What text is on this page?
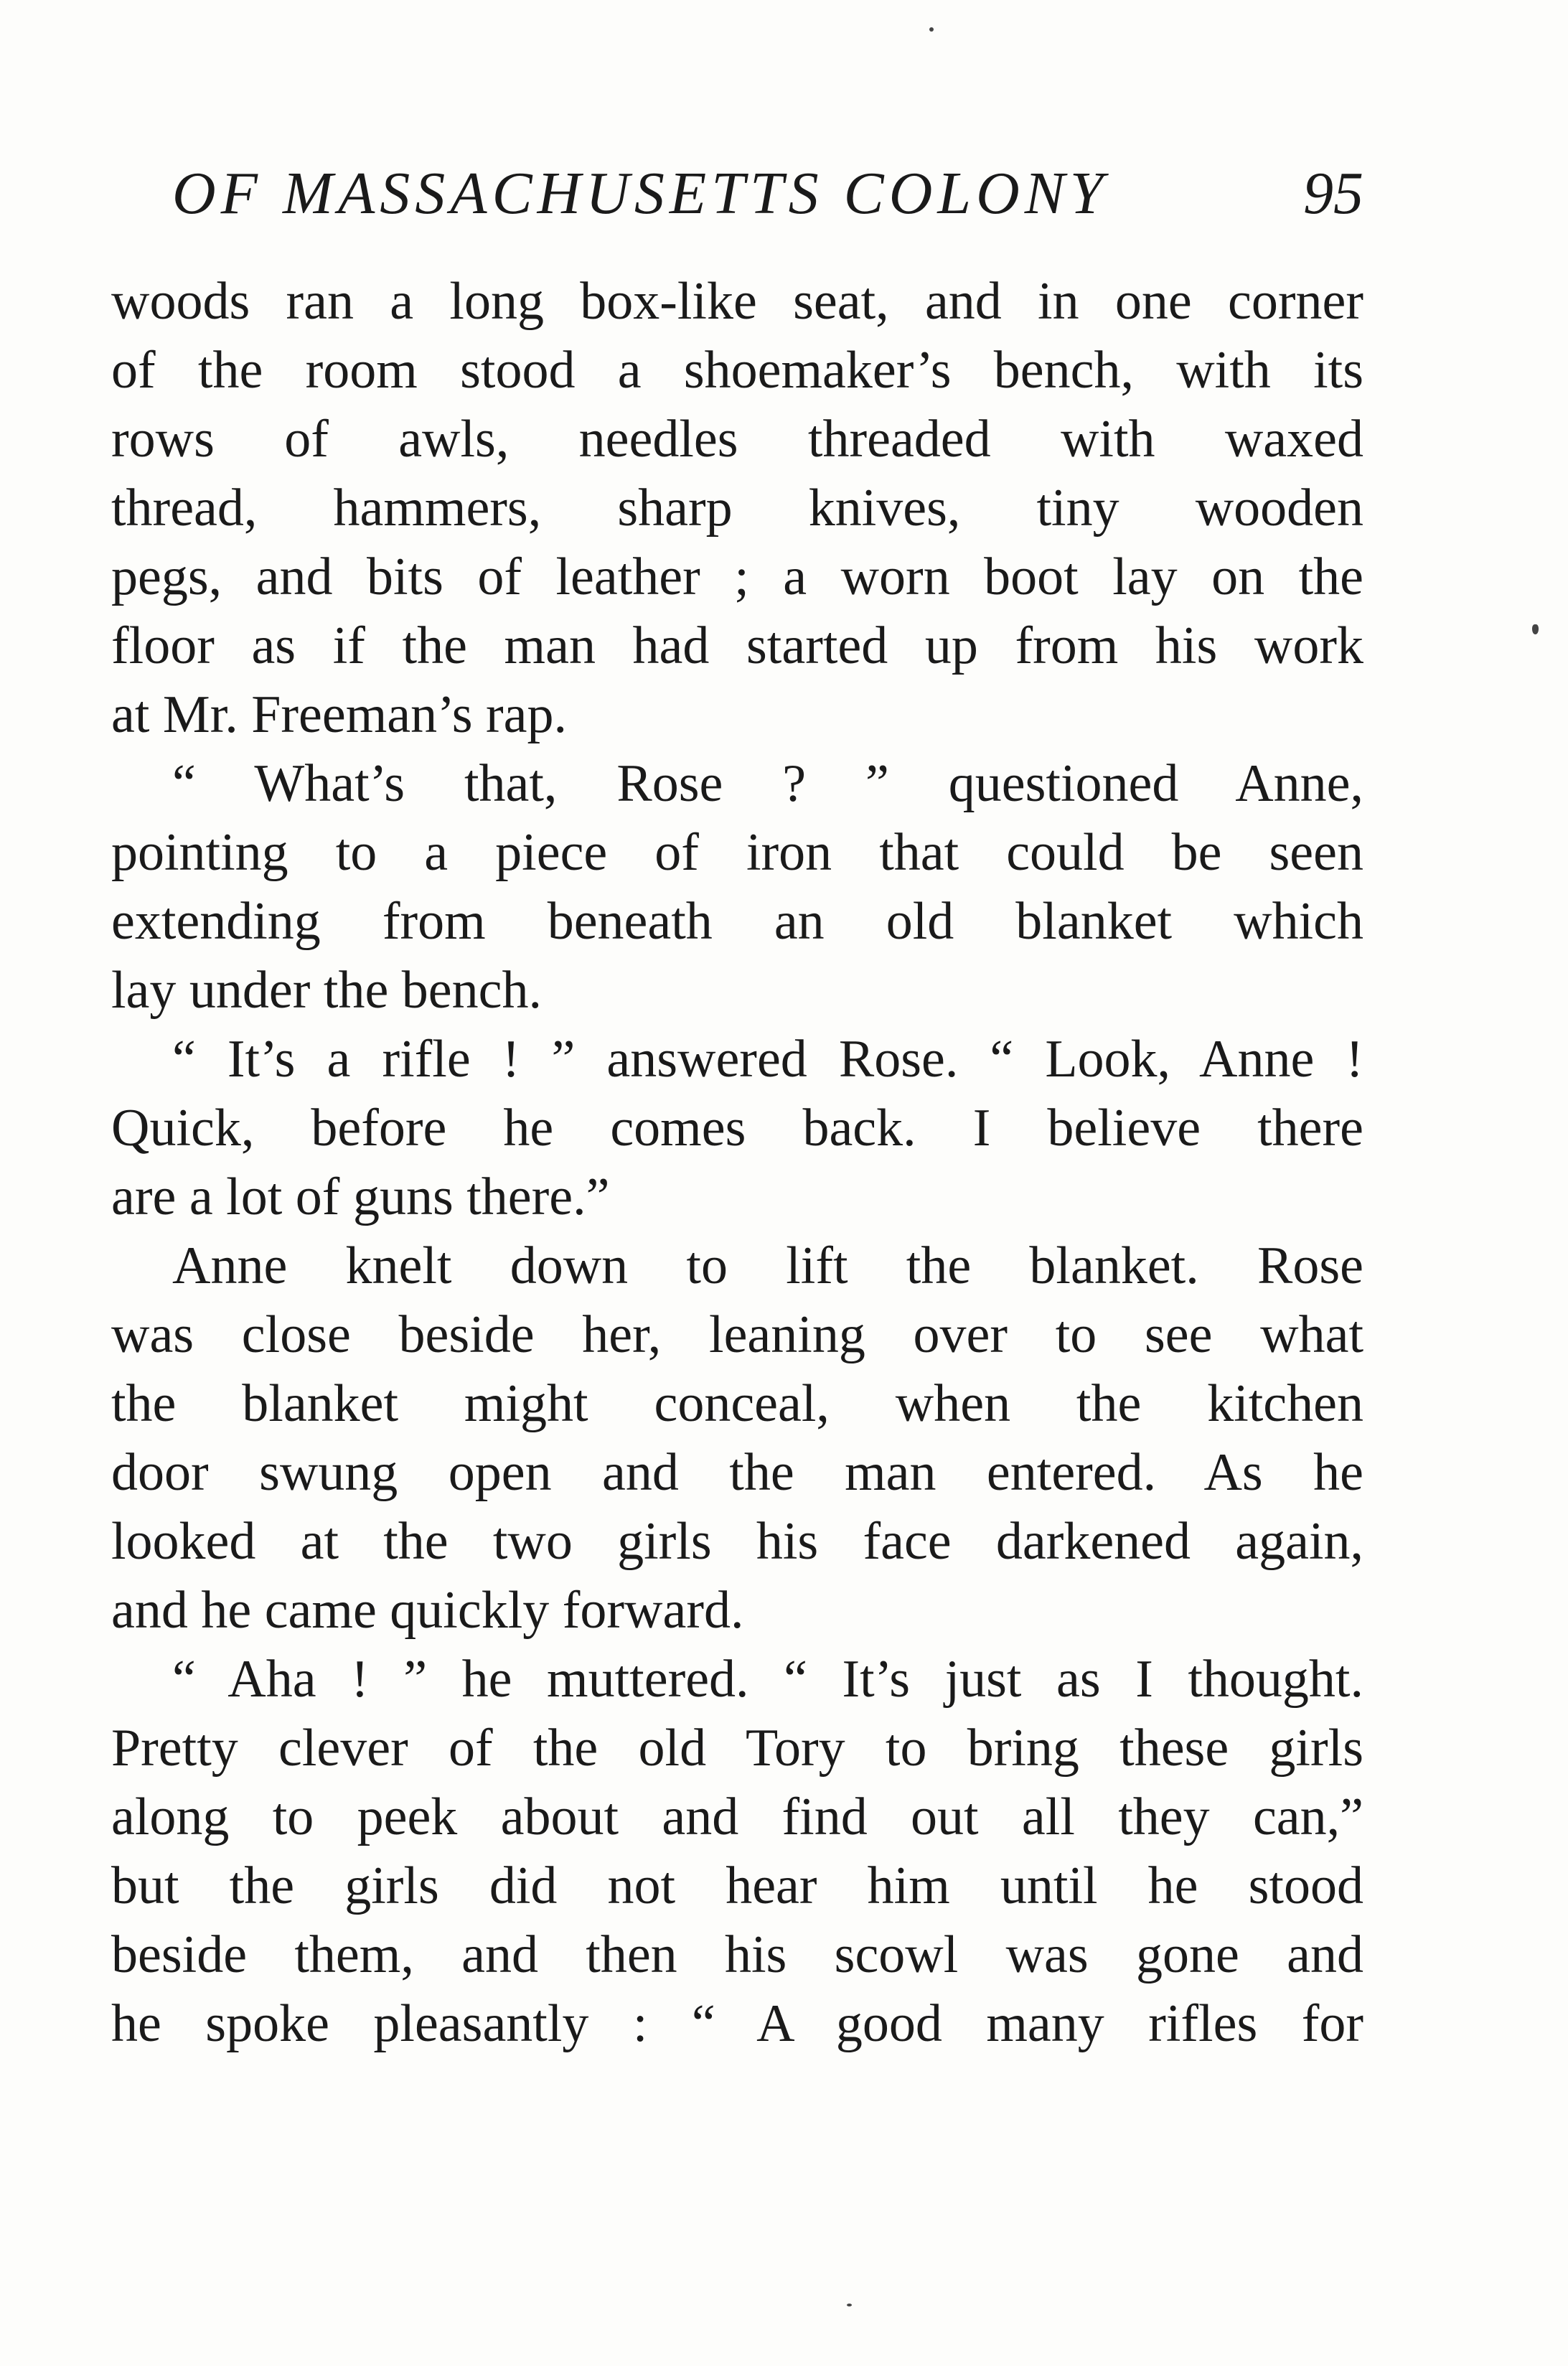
OF MASSACHUSETTS COLONY	95
woods ran a long box-like seat, and in one corner
of the room stood a shoemaker’s bench, with its
rows of awls, needles threaded with waxed
thread, hammers, sharp knives, tiny wooden
pegs, and bits of leather ; a worn boot lay on the
floor as if the man had started up from his work
at Mr. Freeman’s rap.
“ What’s that, Rose ? ” questioned Anne,
pointing to a piece of iron that could be seen
extending from beneath an old blanket which
lay under the bench.
“ It’s a rifle ! ” answered Rose. “ Look, Anne !
Quick, before he comes back. I believe there
are a lot of guns there.”
Anne knelt down to lift the blanket. Rose
was close beside her, leaning over to see what
the blanket might conceal, when the kitchen
door swung open and the man entered. As he
looked at the two girls his face darkened again,
and he came quickly forward.
“ Aha ! ” he muttered. “ It’s just as I thought.
Pretty clever of the old Tory to bring these girls
along to peek about and find out all they can,”
but the girls did not hear him until he stood
beside them, and then his scowl was gone and
he spoke pleasantly : “ A good many rifles for
